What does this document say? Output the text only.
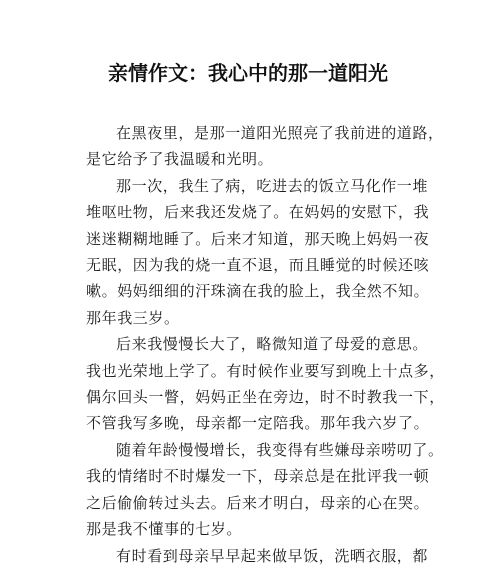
亲情作文：我心中的那一道阳光
在黑夜里，是那一道阳光照亮了我前进的道路，
是它给予了我温暖和光明。
那一次，我生了病，吃进去的饭立马化作一堆
堆呕吐物，后来我还发烧了。在妈妈的安慰下，我
迷迷糊糊地睡了。后来才知道，那天晚上妈妈一夜
无眠，因为我的烧一直不退，而且睡觉的时候还咳
嗽。妈妈细细的汗珠滴在我的脸上，我全然不知。
那年我三岁。
后来我慢慢长大了，略微知道了母爱的意思。
我也光荣地上学了。有时候作业要写到晚上十点多，
偶尔回头一瞥，妈妈正坐在旁边，时不时教我一下，
不管我写多晚，母亲都一定陪我。那年我六岁了。
随着年龄慢慢增长，我变得有些嫌母亲唠叨了。
我的情绪时不时爆发一下，母亲总是在批评我一顿
之后偷偷转过头去。后来才明白，母亲的心在哭。
那是我不懂事的七岁。
有时看到母亲早早起来做早饭，洗晒衣服，都
